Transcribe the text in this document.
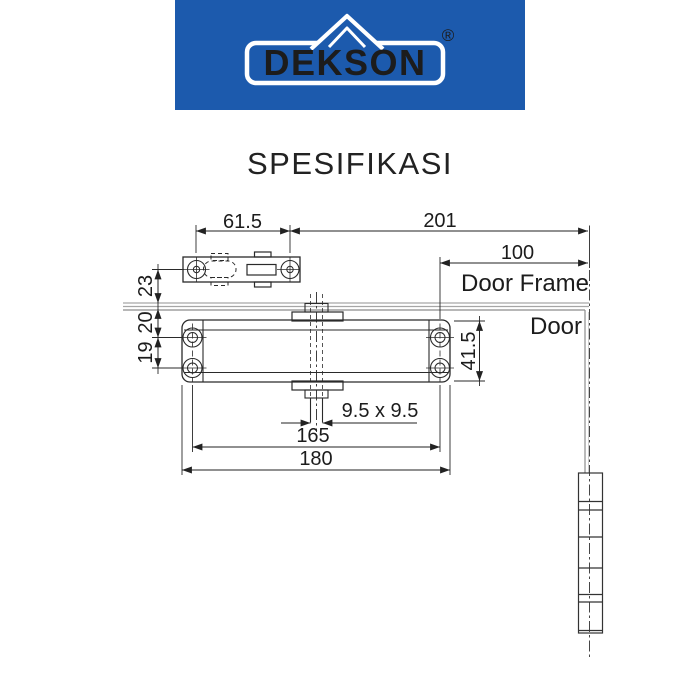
DEKSON
®
SPESIFIKASI
61.5	201
100
23
20
19	41.5
9.5 x 9.5
165
180
Door Frame
Door
